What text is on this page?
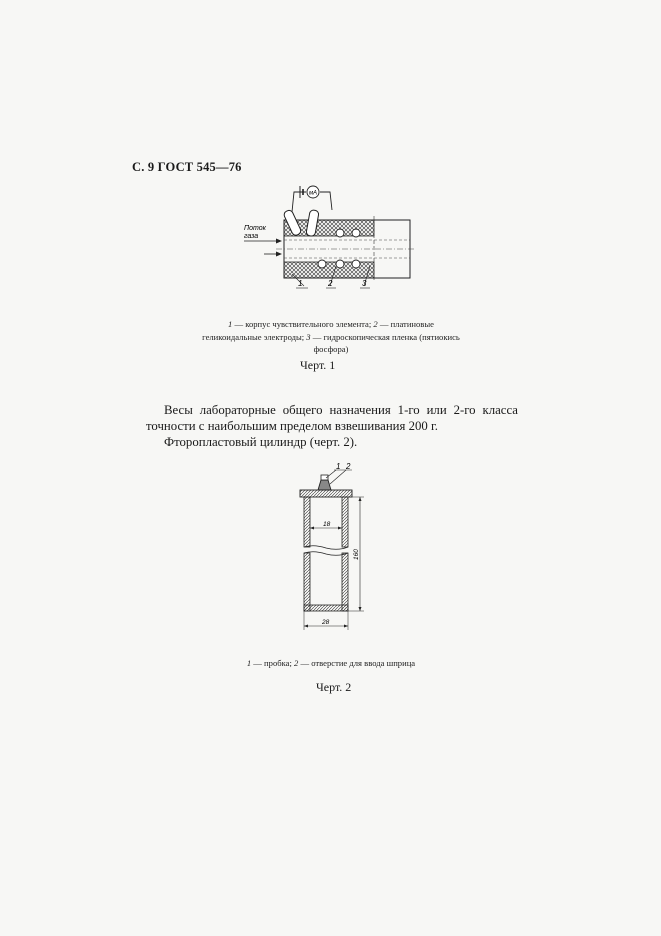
С. 9 ГОСТ 545—76
мА
Поток
газа
1	2	3
1 — корпус чувствительного элемента; 2 — платиновые геликоидальные электроды; 3 — гидроскопическая пленка (пятиокись фосфора)
Черт. 1
Весы лабораторные общего назначения 1-го или 2-го класса
точности с наибольшим пределом взвешивания 200 г.
Фторопластовый цилиндр (черт. 2).
1 2
18
160
28
1 — пробка; 2 — отверстие для ввода шприца
Черт. 2
